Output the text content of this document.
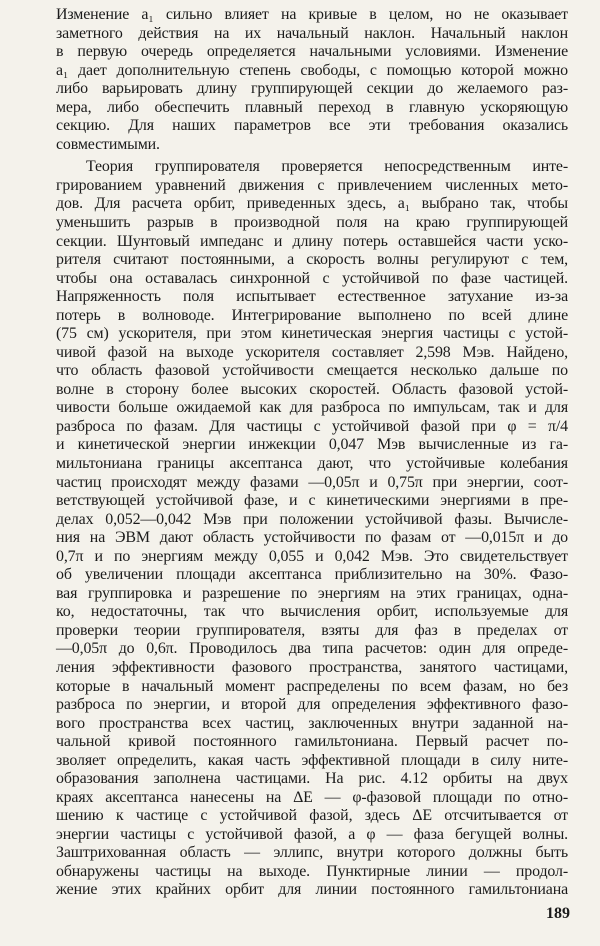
Изменение a₁ сильно влияет на кривые в целом, но не оказывает
заметного действия на их начальный наклон. Начальный наклон
в первую очередь определяется начальными условиями. Изменение
a₁ дает дополнительную степень свободы, с помощью которой можно
либо варьировать длину группирующей секции до желаемого раз-
мера, либо обеспечить плавный переход в главную ускоряющую
секцию. Для наших параметров все эти требования оказались
совместимыми.
Теория группирователя проверяется непосредственным инте-
грированием уравнений движения с привлечением численных мето-
дов. Для расчета орбит, приведенных здесь, a₁ выбрано так, чтобы
уменьшить разрыв в производной поля на краю группирующей
секции. Шунтовый импеданс и длину потерь оставшейся части уско-
рителя считают постоянными, а скорость волны регулируют с тем,
чтобы она оставалась синхронной с устойчивой по фазе частицей.
Напряженность поля испытывает естественное затухание из-за
потерь в волноводе. Интегрирование выполнено по всей длине
(75 см) ускорителя, при этом кинетическая энергия частицы с устой-
чивой фазой на выходе ускорителя составляет 2,598 Мэв. Найдено,
что область фазовой устойчивости смещается несколько дальше по
волне в сторону более высоких скоростей. Область фазовой устой-
чивости больше ожидаемой как для разброса по импульсам, так и для
разброса по фазам. Для частицы с устойчивой фазой при φ = π/4
и кинетической энергии инжекции 0,047 Мэв вычисленные из га-
мильтониана границы аксептанса дают, что устойчивые колебания
частиц происходят между фазами —0,05π и 0,75π при энергии, соот-
ветствующей устойчивой фазе, и с кинетическими энергиями в пре-
делах 0,052—0,042 Мэв при положении устойчивой фазы. Вычисле-
ния на ЭВМ дают область устойчивости по фазам от —0,015π и до
0,7π и по энергиям между 0,055 и 0,042 Мэв. Это свидетельствует
об увеличении площади аксептанса приблизительно на 30%. Фазо-
вая группировка и разрешение по энергиям на этих границах, одна-
ко, недостаточны, так что вычисления орбит, используемые для
проверки теории группирователя, взяты для фаз в пределах от
—0,05π до 0,6π. Проводилось два типа расчетов: один для опреде-
ления эффективности фазового пространства, занятого частицами,
которые в начальный момент распределены по всем фазам, но без
разброса по энергии, и второй для определения эффективного фазо-
вого пространства всех частиц, заключенных внутри заданной на-
чальной кривой постоянного гамильтониана. Первый расчет по-
зволяет определить, какая часть эффективной площади в силу ните-
образования заполнена частицами. На рис. 4.12 орбиты на двух
краях аксептанса нанесены на ΔE — φ-фазовой площади по отно-
шению к частице с устойчивой фазой, здесь ΔE отсчитывается от
энергии частицы с устойчивой фазой, а φ — фаза бегущей волны.
Заштрихованная область — эллипс, внутри которого должны быть
обнаружены частицы на выходе. Пунктирные линии — продол-
жение этих крайних орбит для линии постоянного гамильтониана
189
